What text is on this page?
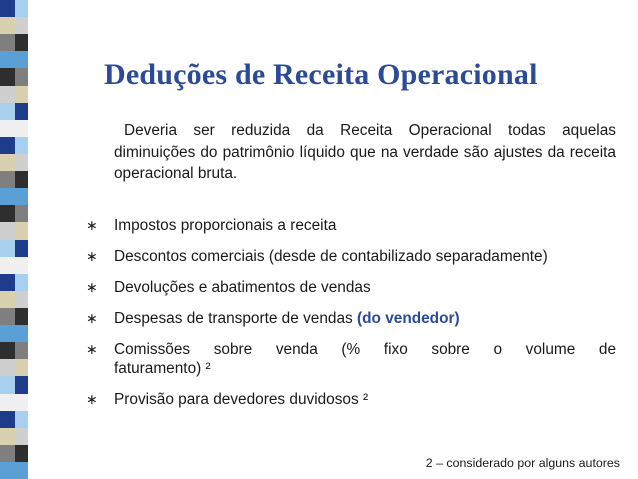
Deduções de Receita Operacional

Deveria ser reduzida da Receita Operacional todas aquelas diminuições do patrimônio líquido que na verdade são ajustes da receita operacional bruta.

∗ Impostos proporcionais a receita
∗ Descontos comerciais (desde de contabilizado separadamente)
∗ Devoluções e abatimentos de vendas
∗ Despesas de transporte de vendas (do vendedor)
∗ Comissões sobre venda (% fixo sobre o volume de
faturamento) ²
∗ Provisão para devedores duvidosos ²
2 – considerado por alguns autores
